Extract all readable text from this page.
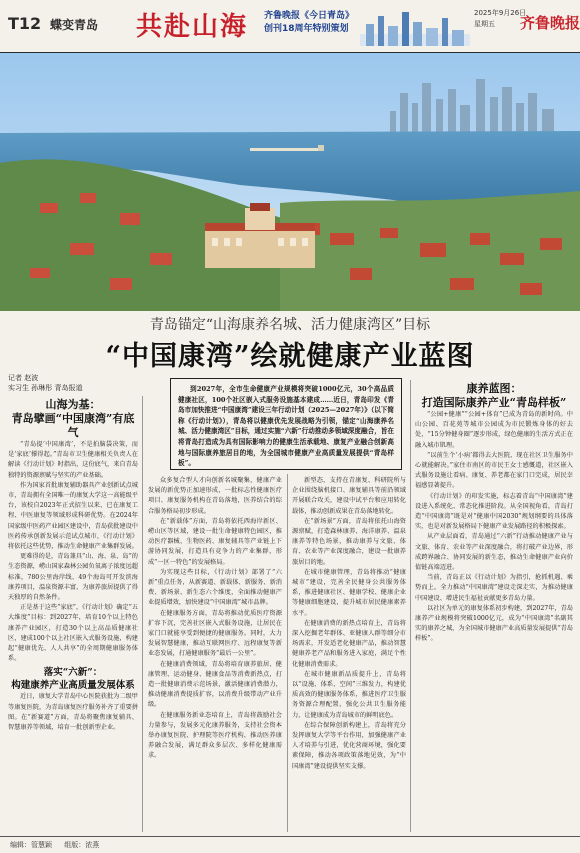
T12 蝶变青岛 共赴山海 齐鲁晚报《今日青岛》
创刊18周年特别策划
2025年9月26日
星期五	齐鲁晚报
青岛锚定“山海康养名城、活力健康湾区”目标
“中国康湾”绘就健康产业蓝图
记者 赵波
实习生 孙琳彤 青岛报道
山海为基：
青岛擘画“中国康湾”有底气

“青岛提‘中国康湾’，不是拍脑袋决策，而是‘家底’撑得起。”青岛市卫生健康相关负责人在解读《行动计划》时指出，这份底气，来自青岛独特的资源禀赋与坚实的产业基础。

作为国家首批康复辅助器具产业创新试点城市，青岛拥有全国唯一的康复大学这一高能级平台，该校自2023年正式招生以来，已在康复工程、中医康复等领域形成科研优势。在2024年国家级中医药产业园区建设中，青岛获批建设中医药传承创新发展示范试点城市，《行动计划》将依托这些优势，推动生命健康产业集群发展。

更难得的是，青岛兼具“山、海、泉、岛”的生态资源，崂山国家森林公园负氧离子浓度远超标准，780公里海岸线、49个海岛可开发滨海康养项目，温泉资源丰富，为康养旅居提供了得天独厚的自然条件。

正是基于这些“家底”，《行动计划》确定“五大维度”目标：到2027年，培育10个以上特色康养产业园区，打造30个以上高品质健康社区，建成100个以上社区嵌入式服务设施，构建起“健康优先、人人共享”的全周期健康服务体系。

落实“六新”：
构建康养产业高质量发展体系

近日，康复大学青岛中心医院获批为二级甲等康复医院，为青岛康复医疗服务补齐了重要拼图。在“新赛道”方面，青岛将聚焦康复辅具、智慧康养等领域，培育一批创新型企业。

到2027年，全市生命健康产业规模将突破1000亿元，30个高品质健康社区，100个社区嵌入式服务设施基本建成……近日，青岛印发《青岛市加快推进“中国康湾”建设三年行动计划（2025—2027年）》（以下简称《行动计划》），青岛将以健康优先发展战略为引领，锚定“山海康养名城、活力健康湾区”目标，通过实施“六新”行动推动多领域深度融合，旨在将青岛打造成为具有国际影响力的健康生活承载地、康复产业融合创新高地与国际康养旅居目的地，为全国城市健康产业高质量发展提供“青岛样板”。

众多复合型人才向创新名城聚集，健康产业发展的新优势正加速形成，一批标志性健康医疗项目、康复服务机构在青岛落地，医养结合的综合服务格局初步形成。

在“新载体”方面，青岛将依托西海岸新区、崂山区等区域，建设一批生命健康特色园区，推动医疗器械、生物医药、康复辅具等产业链上下游协同发展，打造具有竞争力的产业集群，形成“一区一特色”的发展格局。

为实现这些目标，《行动计划》部署了“六新”重点任务，从新赛道、新载体、新服务、新消费、新场景、新生态六个维度，全面推动健康产业提质增效，加快建设“中国康湾”城市品牌。

在健康服务方面，青岛将推动优质医疗资源扩容下沉，完善社区嵌入式服务设施，让居民在家门口就能享受到便捷的健康服务。同时，大力发展智慧健康，推动互联网医疗、远程康复等新业态发展，打通健康服务“最后一公里”。

在健康消费领域，青岛将培育康养旅居、健康管理、运动健身、健康食品等消费新热点，打造一批健康消费示范场景，激活健康消费潜力，推动健康消费提质扩容，以消费升级带动产业升级。

在健康服务新业态培育上，青岛将鼓励社会力量参与，发展多元化康养服务，支持社会资本举办康复医院、护理院等医疗机构，推动医养康养融合发展，满足群众多层次、多样化健康需求。

新型态，支持在青康复、科研院所与企业围绕脑机接口、康复辅具等前沿领域开展联合攻关，建设中试平台和应用转化载体，推动创新成果在青岛落地转化。

在“新场景”方面，青岛将依托山海资源禀赋，打造森林康养、海洋康养、温泉康养等特色场景，推动康养与文旅、体育、农业等产业深度融合，建设一批康养旅居目的地。

在城市健康管理，青岛将推动“健康城市”建设，完善全民健身公共服务体系，推进健康社区、健康学校、健康企业等健康细胞建设，提升城市居民健康素养水平。

在健康消费的新热点培育上，青岛将深入挖掘老年群体、亚健康人群等细分市场需求，开发适老化健康产品，推动智慧健康养老产品和服务进入家庭，满足个性化健康消费需求。

在城市健康新品质提升上，青岛将以“设施、体系、空间”三维发力，构建优质高效的健康服务体系，推进医疗卫生服务资源合理配置，强化公共卫生服务能力，让健康成为青岛城市的鲜明底色。

在综合保障创新构建上，青岛将充分发挥康复大学等平台作用，加强健康产业人才培养与引进，优化营商环境，强化要素保障，推动各项政策落地见效，为“中国康湾”建设提供坚实支撑。

康养蓝图：
打造国际康养产业“青岛样板”

“公园+健康”“公园+体育”已成为青岛的新时尚。中山公园、百花苑等城市公园成为市民锻炼身体的好去处，“15分钟健身圈”逐步形成，绿色健康的生活方式正在融入城市肌理。

“以前生个‘小病’都得去大医院，现在社区卫生服务中心就能解决。”家住市南区的市民王女士感慨道，社区嵌入式服务设施让看病、康复、养老都在家门口完成，居民幸福感显著提升。

《行动计划》的印发实施，标志着青岛“中国康湾”建设进入系统化、常态化推进阶段。从全国视角看，青岛打造“中国康湾”既是对“健康中国2030”规划纲要的具体落实，也是对新发展格局下健康产业发展路径的积极探索。

从产业层面看，青岛通过“六新”行动推动健康产业与文旅、体育、农业等产业深度融合，将打破产业边界，形成跨界融合、协同发展的新生态，推动生命健康产业向价值链高端迈进。

当前，青岛正以《行动计划》为指引，抢抓机遇、乘势而上，全力推动“中国康湾”建设走深走实，为推动健康中国建设、增进民生福祉贡献更多青岛力量。

以社区为单元的康复体系初步构建，到2027年，青岛康养产业规模将突破1000亿元，成为“中国康湾”名副其实的康养之城，为全国城市健康产业高质量发展提供“青岛样板”。

编辑：管慧颖 组版：浓燕
